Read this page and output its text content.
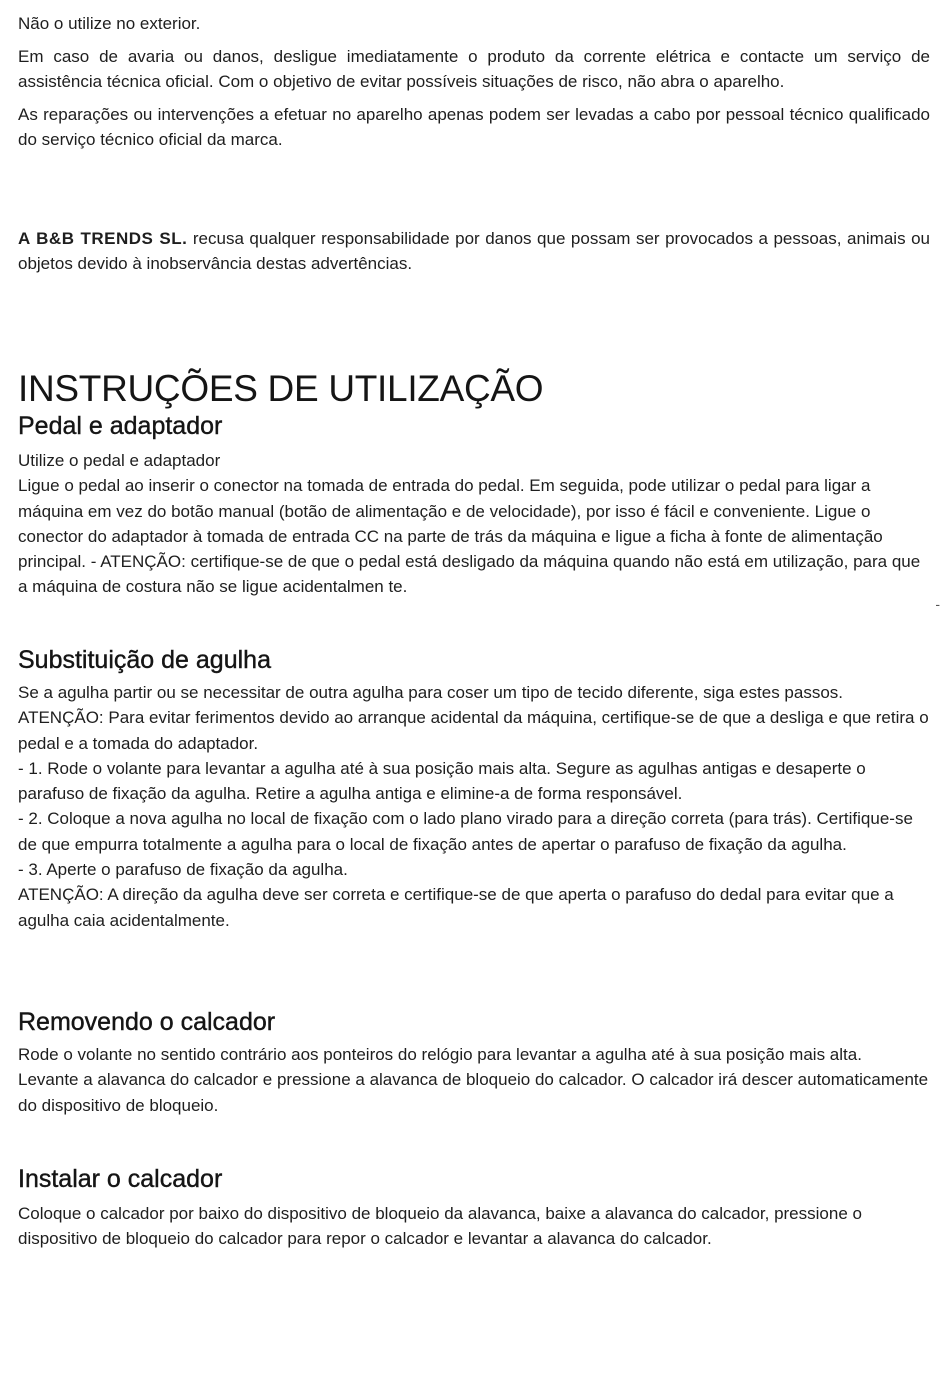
Não o utilize no exterior.

Em caso de avaria ou danos, desligue imediatamente o produto da corrente elétrica e contacte um serviço de assistência técnica oficial. Com o objetivo de evitar possíveis situações de risco, não abra o aparelho.

As reparações ou intervenções a efetuar no aparelho apenas podem ser levadas a cabo por pessoal técnico qualificado do serviço técnico oficial da marca.

A B&B TRENDS SL. recusa qualquer responsabilidade por danos que possam ser provocados a pessoas, animais ou objetos devido à inobservância destas advertências.

INSTRUÇÕES DE UTILIZAÇÃO
Pedal e adaptador

Utilize o pedal e adaptador

Ligue o pedal ao inserir o conector na tomada de entrada do pedal. Em seguida, pode utilizar o pedal para ligar a máquina em vez do botão manual (botão de alimentação e de velocidade), por isso é fácil e conveniente. Ligue o conector do adaptador à tomada de entrada CC na parte de trás da máquina e ligue a ficha à fonte de alimentação principal. - ATENÇÃO: certifique-se de que o pedal está desligado da máquina quando não está em utilização, para que a máquina de costura não se ligue acidentalmen te.

Substituição de agulha

Se a agulha partir ou se necessitar de outra agulha para coser um tipo de tecido diferente, siga estes passos.

ATENÇÃO: Para evitar ferimentos devido ao arranque acidental da máquina, certifique-se de que a desliga e que retira o pedal e a tomada do adaptador.

- 1. Rode o volante para levantar a agulha até à sua posição mais alta. Segure as agulhas antigas e desaperte o parafuso de fixação da agulha. Retire a agulha antiga e elimine-a de forma responsável.

- 2. Coloque a nova agulha no local de fixação com o lado plano virado para a direção correta (para trás). Certifique-se de que empurra totalmente a agulha para o local de fixação antes de apertar o parafuso de fixação da agulha.

- 3. Aperte o parafuso de fixação da agulha.

ATENÇÃO: A direção da agulha deve ser correta e certifique-se de que aperta o parafuso do dedal para evitar que a agulha caia acidentalmente.

Removendo o calcador

Rode o volante no sentido contrário aos ponteiros do relógio para levantar a agulha até à sua posição mais alta.

Levante a alavanca do calcador e pressione a alavanca de bloqueio do calcador. O calcador irá descer automaticamente do dispositivo de bloqueio.

Instalar o calcador

Coloque o calcador por baixo do dispositivo de bloqueio da alavanca, baixe a alavanca do calcador, pressione o dispositivo de bloqueio do calcador para repor o calcador e levantar a alavanca do calcador.

-
